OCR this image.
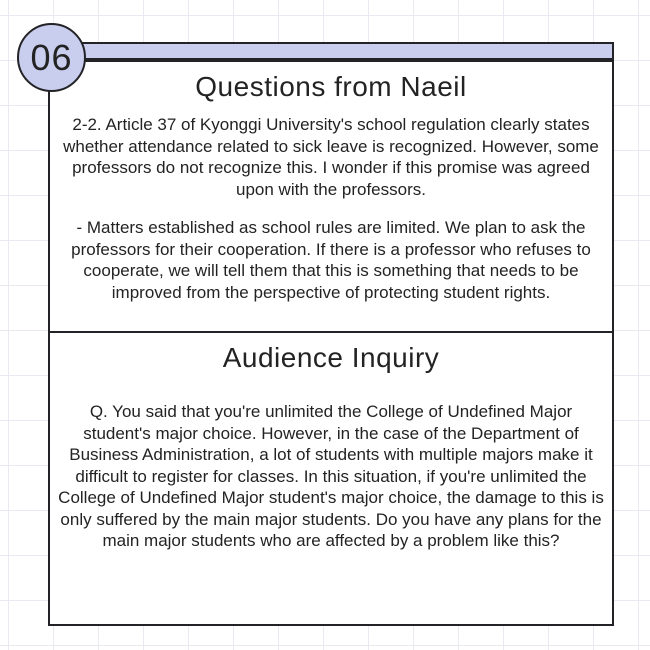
Questions from Naeil

2-2. Article 37 of Kyonggi University's school regulation clearly states whether attendance related to sick leave is recognized. However, some professors do not recognize this. I wonder if this promise was agreed upon with the professors.

- Matters established as school rules are limited. We plan to ask the professors for their cooperation. If there is a professor who refuses to cooperate, we will tell them that this is something that needs to be improved from the perspective of protecting student rights.

Audience Inquiry

Q. You said that you're unlimited the College of Undefined Major student's major choice. However, in the case of the Department of Business Administration, a lot of students with multiple majors make it difficult to register for classes. In this situation, if you're unlimited the College of Undefined Major student's major choice, the damage to this is only suffered by the main major students. Do you have any plans for the main major students who are affected by a problem like this?

06
